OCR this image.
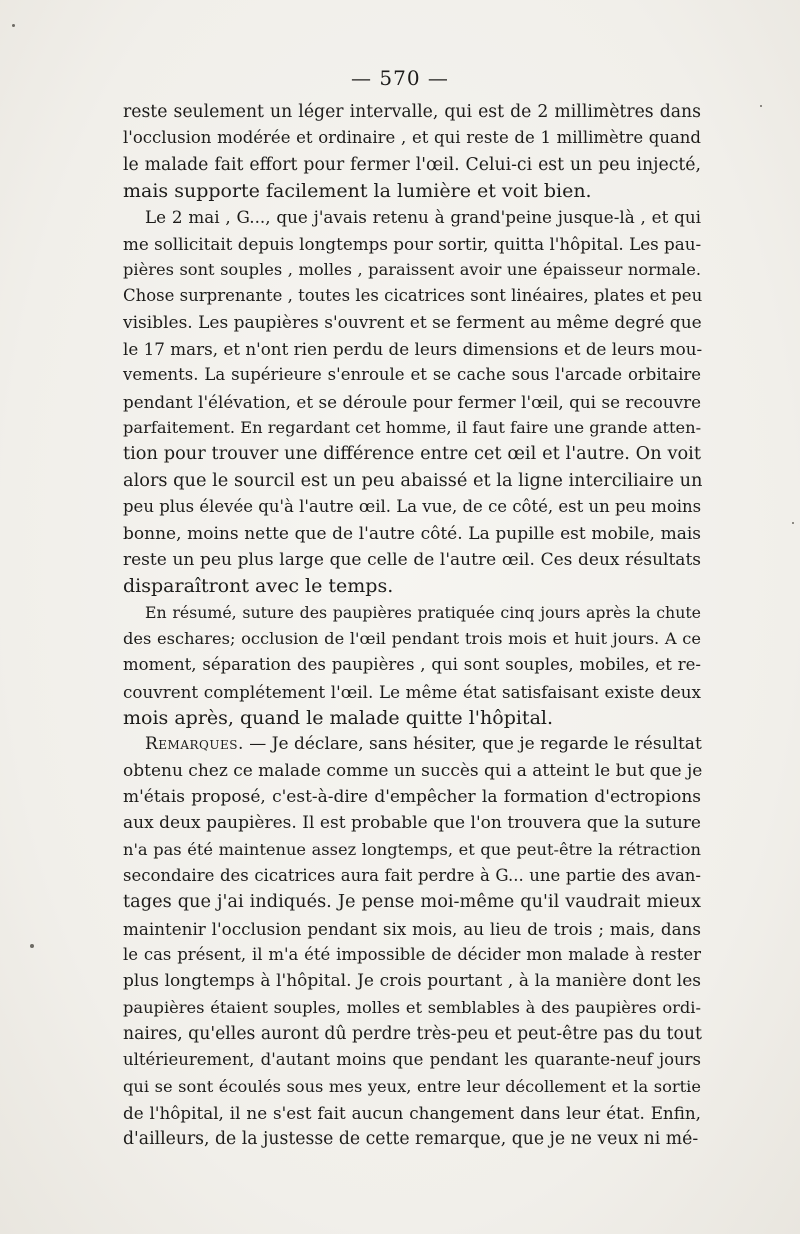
— 570 —
reste seulement un léger intervalle, qui est de 2 millimètres dans
l'occlusion modérée et ordinaire , et qui reste de 1 millimètre quand
le malade fait effort pour fermer l'œil. Celui-ci est un peu injecté,
mais supporte facilement la lumière et voit bien.
Le 2 mai , G..., que j'avais retenu à grand'peine jusque-là , et qui
me sollicitait depuis longtemps pour sortir, quitta l'hôpital. Les pau-
pières sont souples , molles , paraissent avoir une épaisseur normale.
Chose surprenante , toutes les cicatrices sont linéaires, plates et peu
visibles. Les paupières s'ouvrent et se ferment au même degré que
le 17 mars, et n'ont rien perdu de leurs dimensions et de leurs mou-
vements. La supérieure s'enroule et se cache sous l'arcade orbitaire
pendant l'élévation, et se déroule pour fermer l'œil, qui se recouvre
parfaitement. En regardant cet homme, il faut faire une grande atten-
tion pour trouver une différence entre cet œil et l'autre. On voit
alors que le sourcil est un peu abaissé et la ligne interciliaire un
peu plus élevée qu'à l'autre œil. La vue, de ce côté, est un peu moins
bonne, moins nette que de l'autre côté. La pupille est mobile, mais
reste un peu plus large que celle de l'autre œil. Ces deux résultats
disparaîtront avec le temps.
En résumé, suture des paupières pratiquée cinq jours après la chute
des eschares; occlusion de l'œil pendant trois mois et huit jours. A ce
moment, séparation des paupières , qui sont souples, mobiles, et re-
couvrent complétement l'œil. Le même état satisfaisant existe deux
mois après, quand le malade quitte l'hôpital.
Remarques. — Je déclare, sans hésiter, que je regarde le résultat
obtenu chez ce malade comme un succès qui a atteint le but que je
m'étais proposé, c'est-à-dire d'empêcher la formation d'ectropions
aux deux paupières. Il est probable que l'on trouvera que la suture
n'a pas été maintenue assez longtemps, et que peut-être la rétraction
secondaire des cicatrices aura fait perdre à G... une partie des avan-
tages que j'ai indiqués. Je pense moi-même qu'il vaudrait mieux
maintenir l'occlusion pendant six mois, au lieu de trois ; mais, dans
le cas présent, il m'a été impossible de décider mon malade à rester
plus longtemps à l'hôpital. Je crois pourtant , à la manière dont les
paupières étaient souples, molles et semblables à des paupières ordi-
naires, qu'elles auront dû perdre très-peu et peut-être pas du tout
ultérieurement, d'autant moins que pendant les quarante-neuf jours
qui se sont écoulés sous mes yeux, entre leur décollement et la sortie
de l'hôpital, il ne s'est fait aucun changement dans leur état. Enfin,
d'ailleurs, de la justesse de cette remarque, que je ne veux ni mé-
